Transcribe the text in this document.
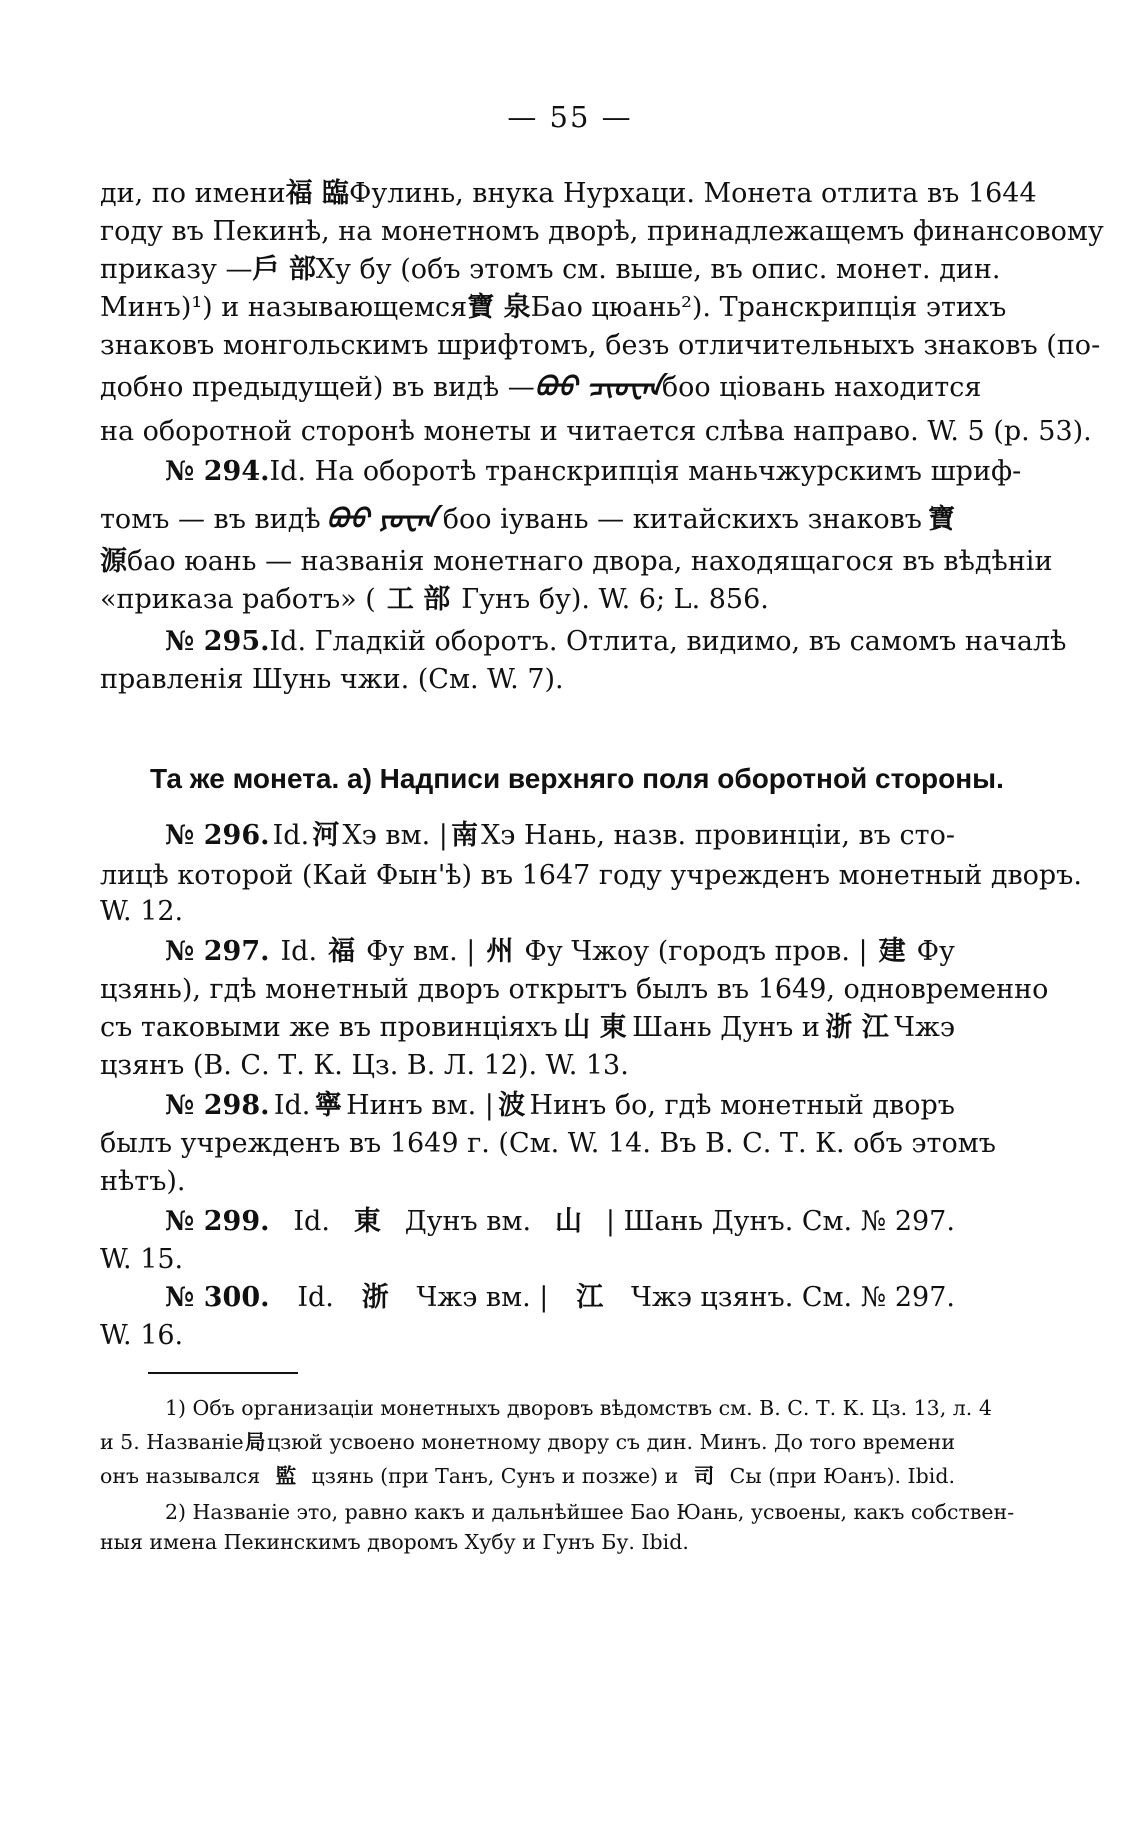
— 55 —
ди, по имени 福 臨 Фулинь, внука Нурхаци. Монета отлита въ 1644
году въ Пекинѣ, на монетномъ дворѣ, принадлежащемъ финансовому
приказу — 戶 部 Ху бу (объ этомъ см. выше, въ опис. монет. дин.
Минъ)¹) и называющемся 寶 泉 Бао цюань²). Транскрипція этихъ
знаковъ монгольскимъ шрифтомъ, безъ отличительныхъ знаковъ (по-
добно предыдущей) въ видѣ — ᠪᠣᠣ ᠴᠢᠣᠸᠠᠨ боо ціовань находится
на оборотной сторонѣ монеты и читается слѣва направо. W. 5 (p. 53).
№ 294. Id. На оборотѣ транскрипція маньчжурскимъ шриф-
томъ — въ видѣ ᠪᠣᠣ ᠶᠣᠸᠠᠨ боо іувань — китайскихъ знаковъ 寶
源 бао юань — названія монетнаго двора, находящагося въ вѣдѣніи
«приказа работъ» ( 工 部 Гунъ бу). W. 6; L. 856.
№ 295. Id. Гладкій оборотъ. Отлита, видимо, въ самомъ началѣ
правленія Шунь чжи. (См. W. 7).
Та же монета. a) Надписи верхняго поля оборотной стороны.
№ 296. Id. 河 Хэ вм. | 南 Хэ Нань, назв. провинціи, въ сто-
лицѣ которой (Кай Фын'ѣ) въ 1647 году учрежденъ монетный дворъ.
W. 12.
№ 297. Id. 福 Фу вм. | 州 Фу Чжоу (городъ пров. | 建 Фу
цзянь), гдѣ монетный дворъ открытъ былъ въ 1649, одновременно
съ таковыми же въ провинціяхъ 山 東 Шань Дунъ и 浙 江 Чжэ
цзянъ (В. С. Т. К. Цз. В. Л. 12). W. 13.
№ 298. Id. 寧 Нинъ вм. | 波 Нинъ бо, гдѣ монетный дворъ
былъ учрежденъ въ 1649 г. (См. W. 14. Въ В. С. Т. К. объ этомъ
нѣтъ).
№ 299. Id. 東 Дунъ вм. 山 | Шань Дунъ. См. № 297.
W. 15.
№ 300. Id. 浙 Чжэ вм. | 江 Чжэ цзянъ. См. № 297.
W. 16.
1) Объ организаціи монетныхъ дворовъ вѣдомствъ см. В. С. Т. К. Цз. 13, л. 4
и 5. Названіе 局 цзюй усвоено монетному двору съ дин. Минъ. До того времени
онъ назывался 監 цзянь (при Танъ, Сунъ и позже) и 司 Сы (при Юанъ). Ibid.
2) Названіе это, равно какъ и дальнѣйшее Бао Юань, усвоены, какъ собствен-
ныя имена Пекинскимъ дворомъ Хубу и Гунъ Бу. Ibid.
